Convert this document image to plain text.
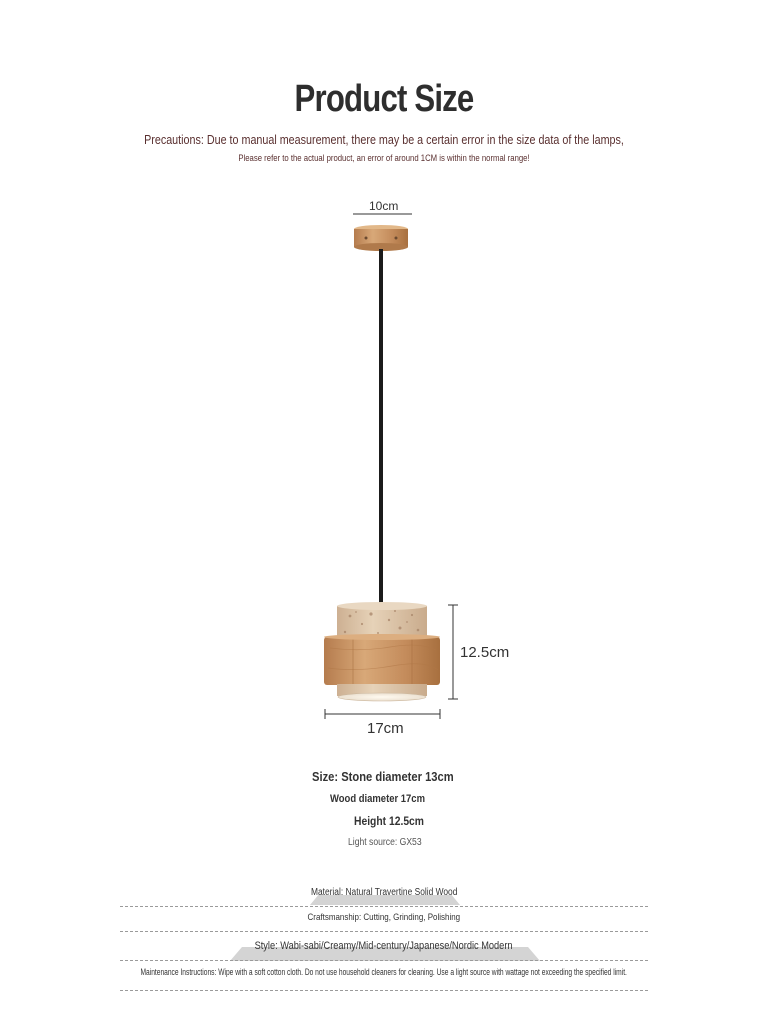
Product Size
Precautions: Due to manual measurement, there may be a certain error in the size data of the lamps,
Please refer to the actual product, an error of around 1CM is within the normal range!
10cm
12.5cm
17cm
Size: Stone diameter 13cm
Wood diameter 17cm
Height 12.5cm
Light source: GX53
Material: Natural Travertine Solid Wood
Craftsmanship: Cutting, Grinding, Polishing
Style: Wabi-sabi/Creamy/Mid-century/Japanese/Nordic Modern
Maintenance Instructions: Wipe with a soft cotton cloth. Do not use household cleaners for cleaning. Use a light source with wattage not exceeding the specified limit.
